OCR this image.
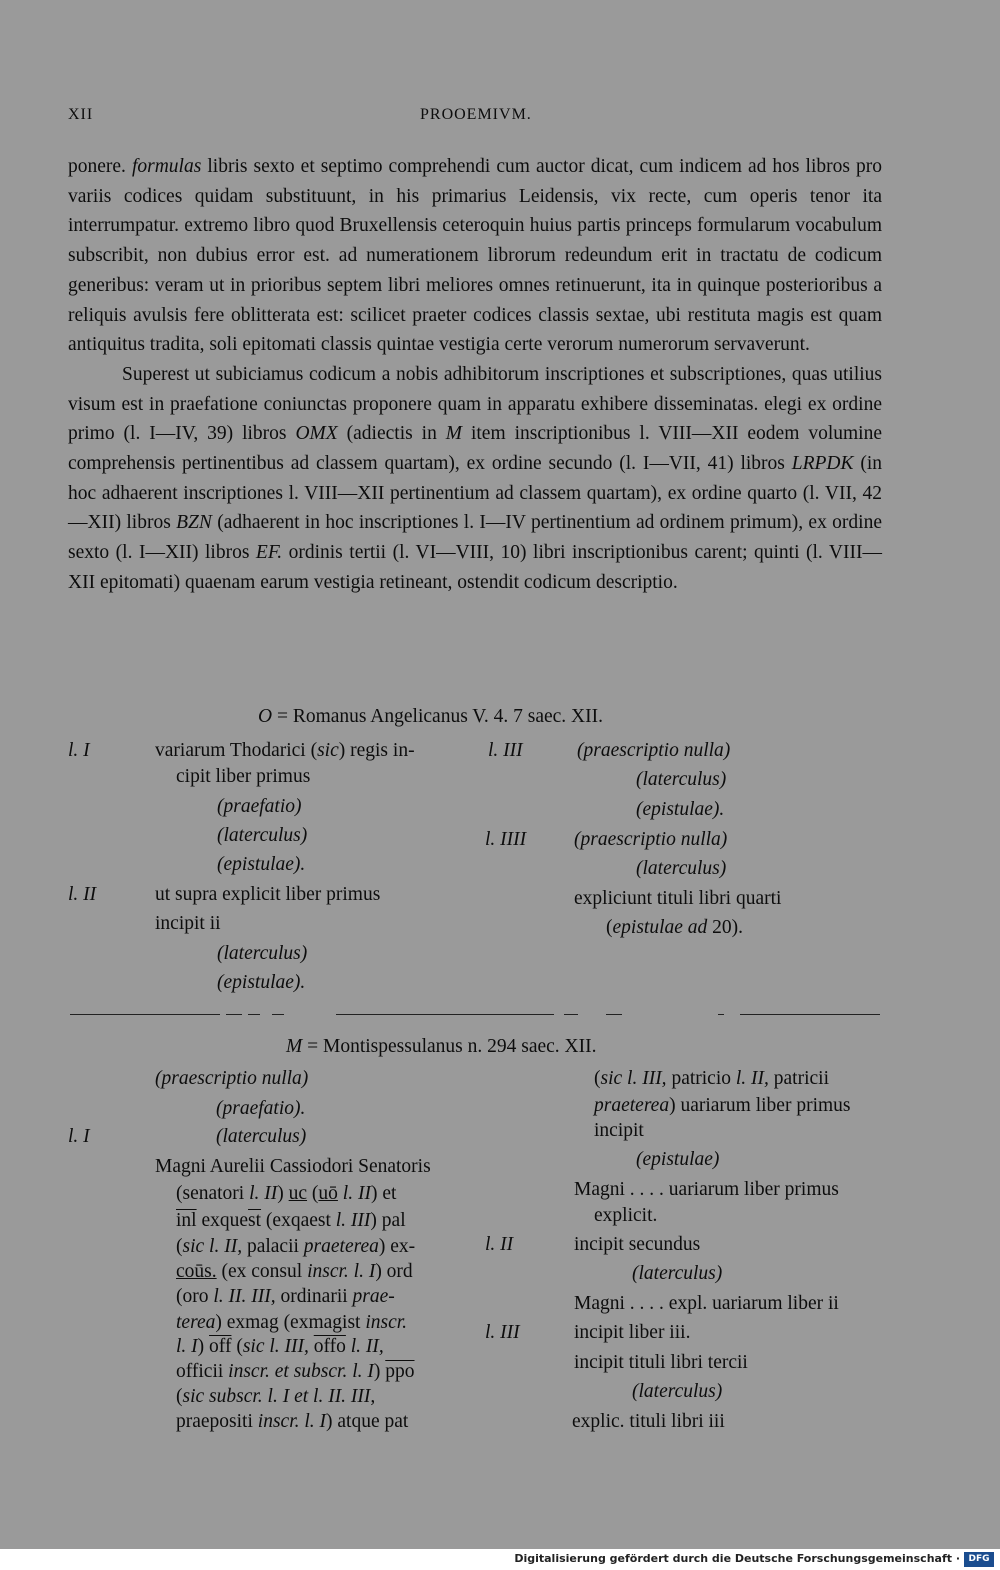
XII	PROOEMIVM.

ponere. formulas libris sexto et septimo comprehendi cum auctor dicat, cum indicem ad hos libros pro variis codices quidam substituunt, in his primarius Leidensis, vix recte, cum operis tenor ita interrumpatur. extremo libro quod Bruxellensis ceteroquin huius partis princeps formularum vocabulum subscribit, non dubius error est. ad numerationem librorum redeundum erit in tractatu de codicum generibus: veram ut in prioribus septem libri meliores omnes retinuerunt, ita in quinque posterioribus a reliquis avulsis fere oblitterata est: scilicet praeter codices classis sextae, ubi restituta magis est quam antiquitus tradita, soli epitomati classis quintae vestigia certe verorum numerorum servaverunt.

Superest ut subiciamus codicum a nobis adhibitorum inscriptiones et subscriptiones, quas utilius visum est in praefatione coniunctas proponere quam in apparatu exhibere disseminatas. elegi ex ordine primo (l. I—IV, 39) libros OMX (adiectis in M item inscriptionibus l. VIII—XII eodem volumine comprehensis pertinentibus ad classem quartam), ex ordine secundo (l. I—VII, 41) libros LRPDK (in hoc adhaerent inscriptiones l. VIII—XII pertinentium ad classem quartam), ex ordine quarto (l. VII, 42—XII) libros BZN (adhaerent in hoc inscriptiones l. I—IV pertinentium ad ordinem primum), ex ordine sexto (l. I—XII) libros EF. ordinis tertii (l. VI—VIII, 10) libri inscriptionibus carent; quinti (l. VIII—XII epitomati) quaenam earum vestigia retineant, ostendit codicum descriptio.

O = Romanus Angelicanus V. 4. 7 saec. XII.
l. I	variarum Thodarici (sic) regis in-
cipit liber primus
(praefatio)
(laterculus)
(epistulae).
l. II	ut supra explicit liber primus
incipit ii
(laterculus)
(epistulae).
l. III	(praescriptio nulla)
(laterculus)
(epistulae).
l. IIII (praescriptio nulla)
(laterculus)
expliciunt tituli libri quarti
(epistulae ad 20).
M = Montispessulanus n. 294 saec. XII.
(praescriptio nulla)
(praefatio).
l. I	(laterculus)
Magni Aurelii Cassiodori Senatoris
(senatori l. II) uc (uō l. II) et
$\overline{inl}$ $exque\overline{st}$ (exqaest l. III) pal
(sic l. II, palacii praeterea) ex-
coūs. (ex consul inscr. l. I) ord
(oro l. II. III, ordinarii prae-
terea) exmag (exmagist inscr.
l. I) $\overline{off}$ (sic l. III, offo l. II,
officii inscr. et subscr. l. I) $\overline{ppo}$
(sic subscr. l. I et l. II. III,
praepositi inscr. l. I) atque pat
(sic l. III, patricio l. II, patricii
praeterea) uariarum liber primus
incipit
(epistulae)
Magni . . . . uariarum liber primus
explicit.
l. II	incipit secundus
(laterculus)
Magni . . . . expl. uariarum liber ii
l. III	incipit liber iii.
incipit tituli libri tercii
(laterculus)
explic. tituli libri iii
Digitalisierung gefördert durch die Deutsche Forschungsgemeinschaft · DFG
